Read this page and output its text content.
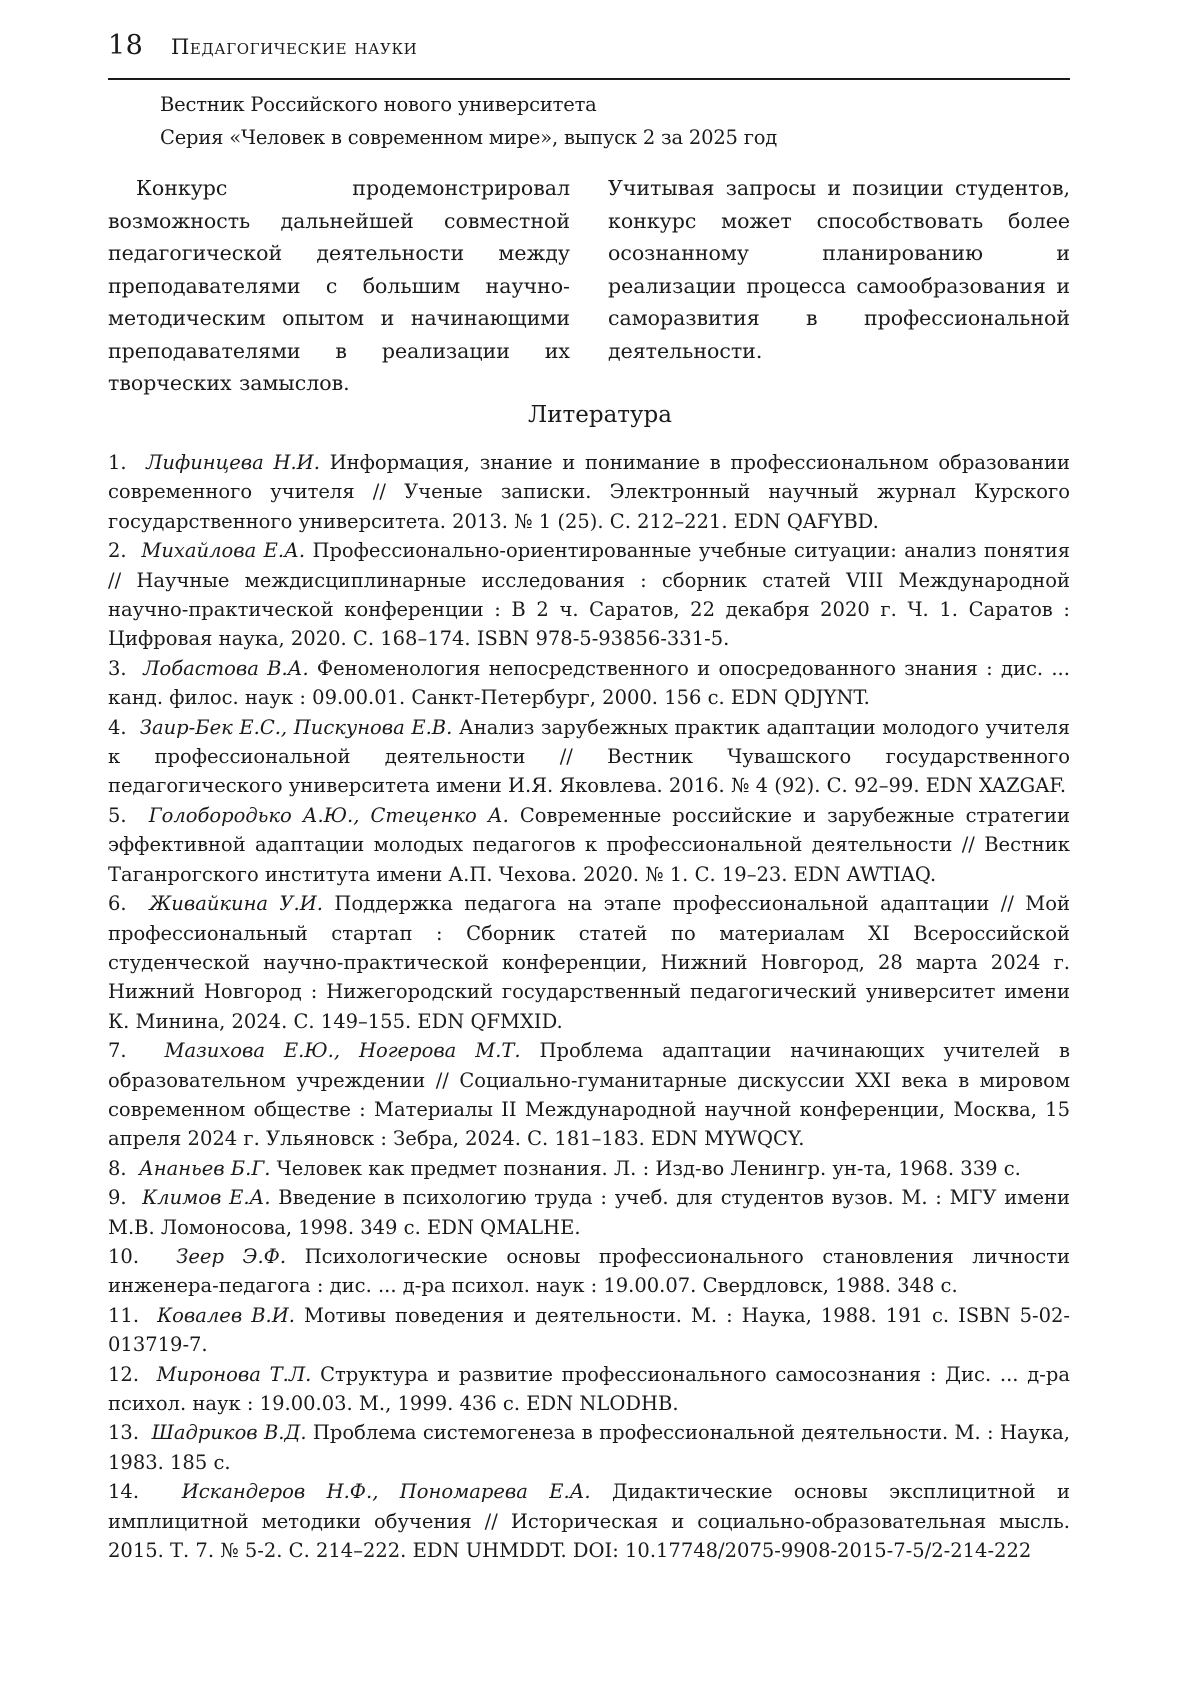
18 Педагогические науки
Вестник Российского нового университета
Серия «Человек в современном мире», выпуск 2 за 2025 год

Конкурс продемонстрировал возможность дальнейшей совместной педагогической деятельности между преподавателями с большим научно-методическим опытом и начинающими преподавателями в реализации их творческих замыслов.

Учитывая запросы и позиции студентов, конкурс может способствовать более осознанному планированию и реализации процесса самообразования и саморазвития в профессиональной деятельности.

Литература

1.  Лифинцева Н.И. Информация, знание и понимание в профессиональном образовании современного учителя // Ученые записки. Электронный научный журнал Курского государственного университета. 2013. № 1 (25). С. 212–221. EDN QAFYBD.

2.  Михайлова Е.А. Профессионально-ориентированные учебные ситуации: анализ понятия // Научные междисциплинарные исследования : сборник статей VIII Международной научно-практической конференции : В 2 ч. Саратов, 22 декабря 2020 г. Ч. 1. Саратов : Цифровая наука, 2020. С. 168–174. ISBN 978-5-93856-331-5.

3.  Лобастова В.А. Феноменология непосредственного и опосредованного знания : дис. ... канд. филос. наук : 09.00.01. Санкт-Петербург, 2000. 156 с. EDN QDJYNT.

4.  Заир-Бек Е.С., Пискунова Е.В. Анализ зарубежных практик адаптации молодого учителя к профессиональной деятельности // Вестник Чувашского государственного педагогического университета имени И.Я. Яковлева. 2016. № 4 (92). С. 92–99. EDN XAZGAF.

5.  Голобородько А.Ю., Стеценко А. Современные российские и зарубежные стратегии эффективной адаптации молодых педагогов к профессиональной деятельности // Вестник Таганрогского института имени А.П. Чехова. 2020. № 1. С. 19–23. EDN AWTIAQ.

6.  Живайкина У.И. Поддержка педагога на этапе профессиональной адаптации // Мой профессиональный стартап : Сборник статей по материалам XI Всероссийской студенческой научно-практической конференции, Нижний Новгород, 28 марта 2024 г. Нижний Новгород : Нижегородский государственный педагогический университет имени К. Минина, 2024. С. 149–155. EDN QFMXID.

7.  Мазихова Е.Ю., Ногерова М.Т. Проблема адаптации начинающих учителей в образовательном учреждении // Социально-гуманитарные дискуссии XXI века в мировом современном обществе : Материалы II Международной научной конференции, Москва, 15 апреля 2024 г. Ульяновск : Зебра, 2024. С. 181–183. EDN MYWQCY.

8.  Ананьев Б.Г. Человек как предмет познания. Л. : Изд-во Ленингр. ун-та, 1968. 339 с.

9.  Климов Е.А. Введение в психологию труда : учеб. для студентов вузов. М. : МГУ имени М.В. Ломоносова, 1998. 349 с. EDN QMALHE.

10.  Зеер Э.Ф. Психологические основы профессионального становления личности инженера-педагога : дис. ... д-ра психол. наук : 19.00.07. Свердловск, 1988. 348 с.

11.  Ковалев В.И. Мотивы поведения и деятельности. М. : Наука, 1988. 191 с. ISBN 5-02-013719-7.

12.  Миронова Т.Л. Структура и развитие профессионального самосознания : Дис. ... д-ра психол. наук : 19.00.03. М., 1999. 436 с. EDN NLODHB.

13.  Шадриков В.Д. Проблема системогенеза в профессиональной деятельности. М. : Наука, 1983. 185 с.

14.  Искандеров Н.Ф., Пономарева Е.А. Дидактические основы эксплицитной и имплицитной методики обучения // Историческая и социально-образовательная мысль. 2015. Т. 7. № 5-2. С. 214–222. EDN UHMDDT. DOI: 10.17748/2075-9908-2015-7-5/2-214-222
